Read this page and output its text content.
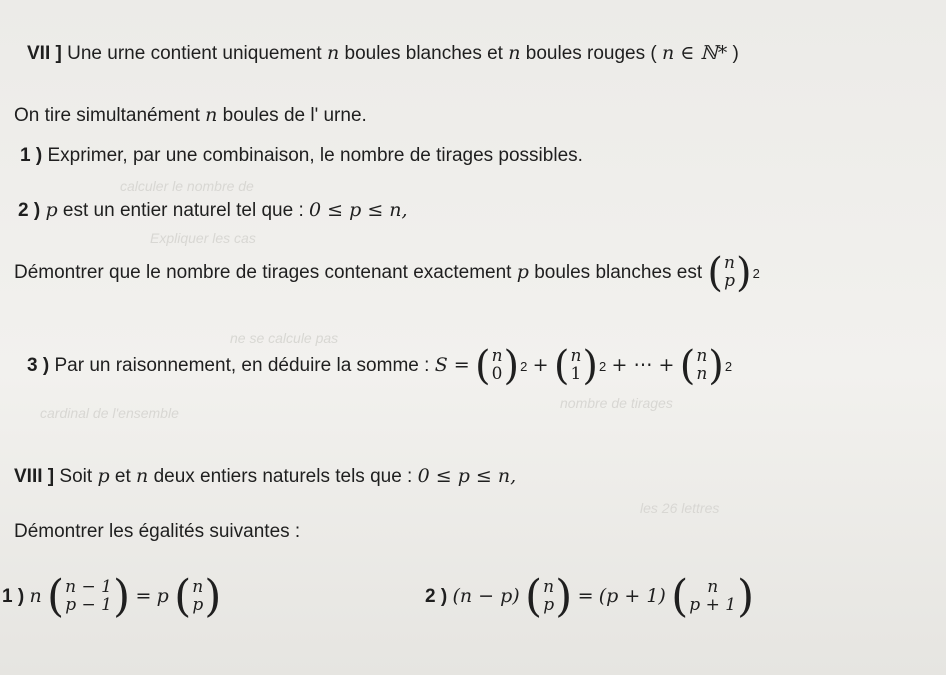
calculer le nombre de
Expliquer les cas
ne se calcule pas
cardinal de l'ensemble
nombre de tirages
les 26 lettres
VII ] Une urne contient uniquement n boules blanches et n boules rouges ( n ∈ ℕ* )
On tire simultanément n boules de l' urne.
1 ) Exprimer, par une combinaison, le nombre de tirages possibles.
2 ) p est un entier naturel tel que : 0 ≤ p ≤ n,
Démontrer que le nombre de tirages contenant exactement p boules blanches est ( n
p ) 2
3 ) Par un raisonnement, en déduire la somme : S = ( n
0 ) 2 + ( n
1 ) 2 + ⋯ + ( n
n ) 2
VIII ] Soit p et n deux entiers naturels tels que : 0 ≤ p ≤ n,
Démontrer les égalités suivantes :
1 ) n ( n − 1
p − 1 ) = p ( n
p )	2 ) (n − p) ( n
p ) = (p + 1) ( n
p + 1 )
